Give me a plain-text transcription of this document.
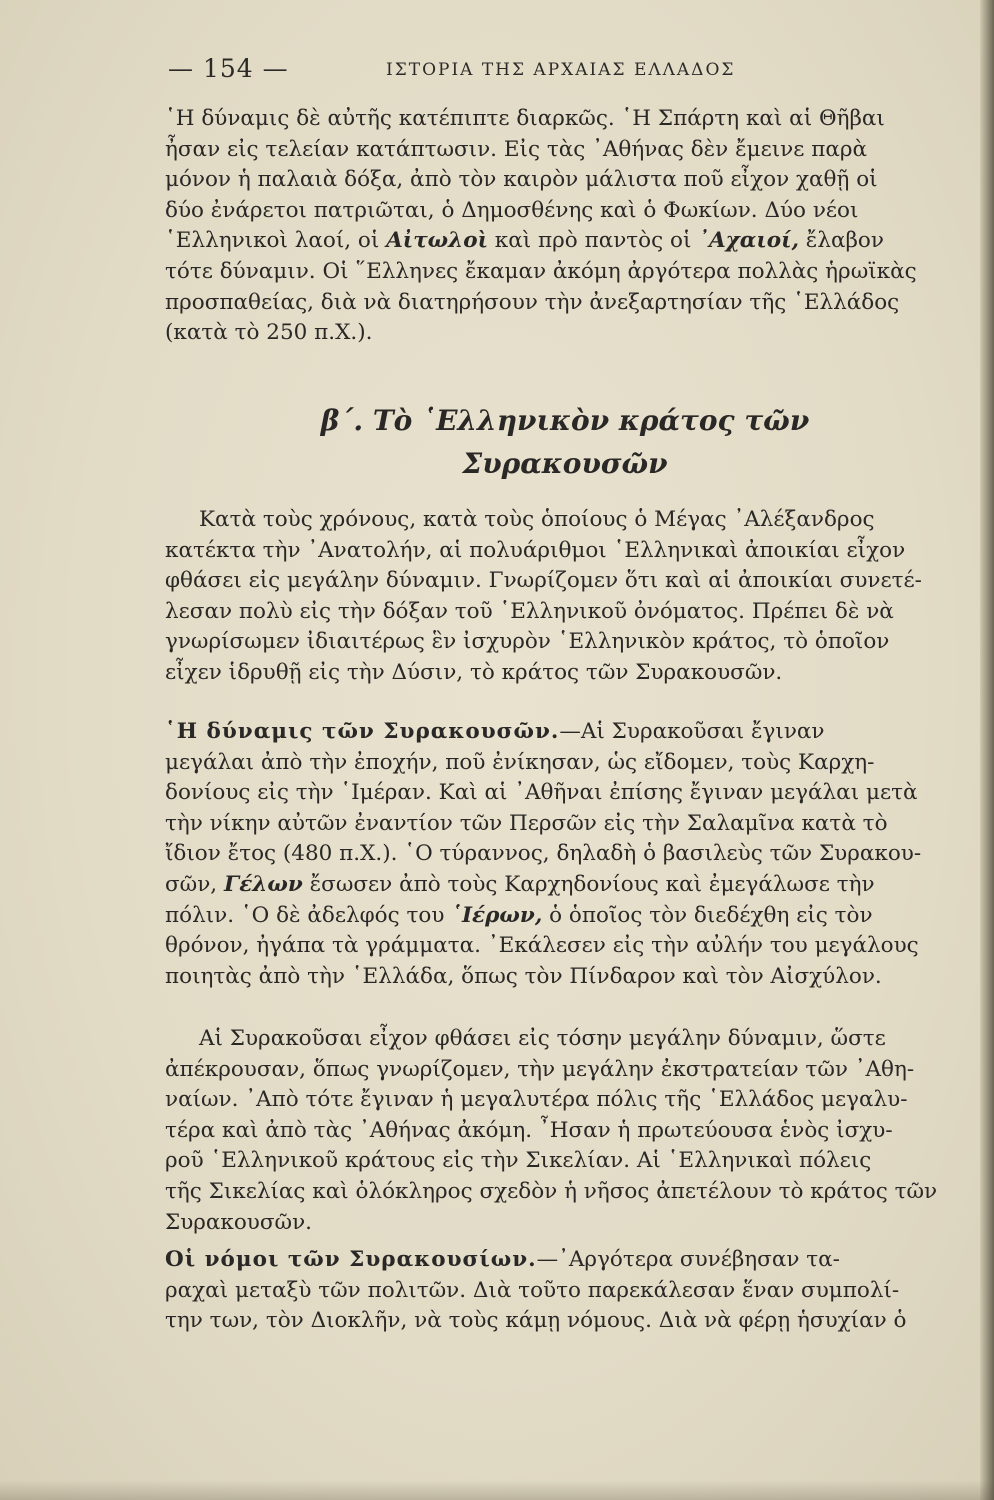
— 154 —	ΙΣΤΟΡΙΑ ΤΗΣ ΑΡΧΑΙΑΣ ΕΛΛΑΔΟΣ
῾Η δύναμις δὲ αὐτῆς κατέπιπτε διαρκῶς. ῾Η Σπάρτη καὶ αἱ Θῆβαι
ἦσαν εἰς τελείαν κατάπτωσιν. Εἰς τὰς ᾿Αθήνας δὲν ἔμεινε παρὰ
μόνον ἡ παλαιὰ δόξα, ἀπὸ τὸν καιρὸν μάλιστα ποῦ εἶχον χαθῇ οἱ
δύο ἐνάρετοι πατριῶται, ὁ Δημοσθένης καὶ ὁ Φωκίων. Δύο νέοι
῾Ελληνικοὶ λαοί, οἱ Αἰτωλοὶ καὶ πρὸ παντὸς οἱ ᾿Αχαιοί, ἔλαβον
τότε δύναμιν. Οἱ ῞Ελληνες ἔκαμαν ἀκόμη ἀργότερα πολλὰς ἡρωϊκὰς
προσπαθείας, διὰ νὰ διατηρήσουν τὴν ἀνεξαρτησίαν τῆς ῾Ελλάδος
(κατὰ τὸ 250 π.Χ.).
β΄. Τὸ ῾Ελληνικὸν κράτος τῶν
Συρακουσῶν
Κατὰ τοὺς χρόνους, κατὰ τοὺς ὁποίους ὁ Μέγας ᾿Αλέξανδρος
κατέκτα τὴν ᾿Ανατολήν, αἱ πολυάριθμοι ῾Ελληνικαὶ ἀποικίαι εἶχον
φθάσει εἰς μεγάλην δύναμιν. Γνωρίζομεν ὅτι καὶ αἱ ἀποικίαι συνετέ-
λεσαν πολὺ εἰς τὴν δόξαν τοῦ ῾Ελληνικοῦ ὀνόματος. Πρέπει δὲ νὰ
γνωρίσωμεν ἰδιαιτέρως ἓν ἰσχυρὸν ῾Ελληνικὸν κράτος, τὸ ὁποῖον
εἶχεν ἱδρυθῇ εἰς τὴν Δύσιν, τὸ κράτος τῶν Συρακουσῶν.
῾Η δύναμις τῶν Συρακουσῶν.—Αἱ Συρακοῦσαι ἔγιναν
μεγάλαι ἀπὸ τὴν ἐποχήν, ποῦ ἐνίκησαν, ὡς εἴδομεν, τοὺς Καρχη-
δονίους εἰς τὴν ῾Ιμέραν. Καὶ αἱ ᾿Αθῆναι ἐπίσης ἔγιναν μεγάλαι μετὰ
τὴν νίκην αὐτῶν ἐναντίον τῶν Περσῶν εἰς τὴν Σαλαμῖνα κατὰ τὸ
ἴδιον ἔτος (480 π.Χ.). ῾Ο τύραννος, δηλαδὴ ὁ βασιλεὺς τῶν Συρακου-
σῶν, Γέλων ἔσωσεν ἀπὸ τοὺς Καρχηδονίους καὶ ἐμεγάλωσε τὴν
πόλιν. ῾Ο δὲ ἀδελφός του ῾Ιέρων, ὁ ὁποῖος τὸν διεδέχθη εἰς τὸν
θρόνον, ἠγάπα τὰ γράμματα. ᾿Εκάλεσεν εἰς τὴν αὐλήν του μεγάλους
ποιητὰς ἀπὸ τὴν ῾Ελλάδα, ὅπως τὸν Πίνδαρον καὶ τὸν Αἰσχύλον.
Αἱ Συρακοῦσαι εἶχον φθάσει εἰς τόσην μεγάλην δύναμιν, ὥστε
ἀπέκρουσαν, ὅπως γνωρίζομεν, τὴν μεγάλην ἐκστρατείαν τῶν ᾿Αθη-
ναίων. ᾿Απὸ τότε ἔγιναν ἡ μεγαλυτέρα πόλις τῆς ῾Ελλάδος μεγαλυ-
τέρα καὶ ἀπὸ τὰς ᾿Αθήνας ἀκόμη. ῏Ησαν ἡ πρωτεύουσα ἑνὸς ἰσχυ-
ροῦ ῾Ελληνικοῦ κράτους εἰς τὴν Σικελίαν. Αἱ ῾Ελληνικαὶ πόλεις
τῆς Σικελίας καὶ ὁλόκληρος σχεδὸν ἡ νῆσος ἀπετέλουν τὸ κράτος τῶν
Συρακουσῶν.
Οἱ νόμοι τῶν Συρακουσίων.—᾿Αργότερα συνέβησαν τα-
ραχαὶ μεταξὺ τῶν πολιτῶν. Διὰ τοῦτο παρεκάλεσαν ἕναν συμπολί-
την των, τὸν Διοκλῆν, νὰ τοὺς κάμῃ νόμους. Διὰ νὰ φέρῃ ἡσυχίαν ὁ
